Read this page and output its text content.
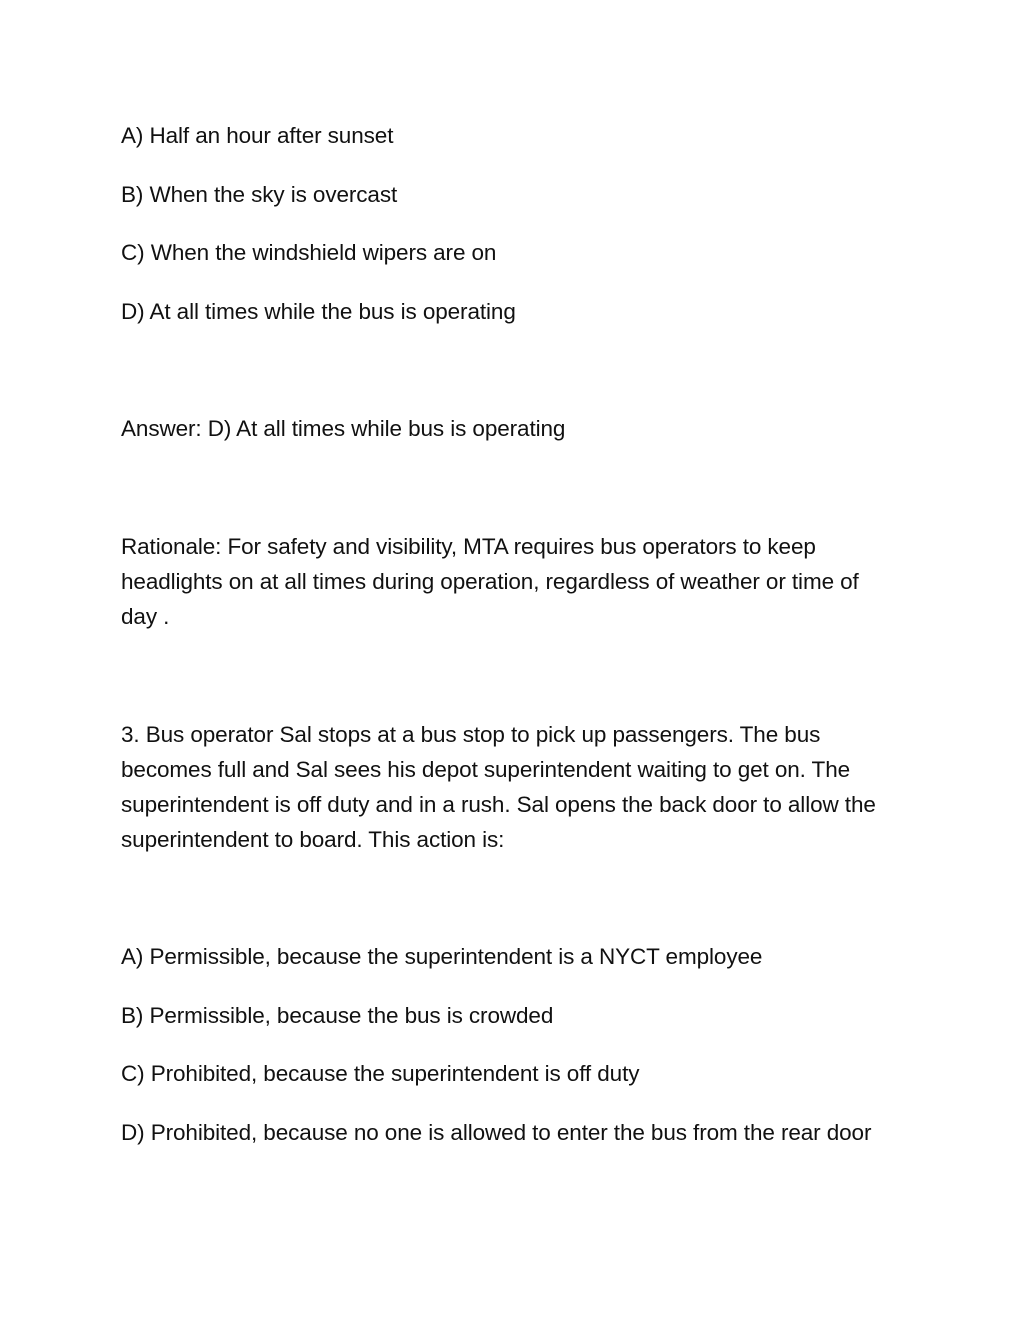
A) Half an hour after sunset
B) When the sky is overcast
C) When the windshield wipers are on
D) At all times while the bus is operating
Answer: D) At all times while bus is operating
Rationale: For safety and visibility, MTA requires bus operators to keep headlights on at all times during operation, regardless of weather or time of day .
3. Bus operator Sal stops at a bus stop to pick up passengers. The bus becomes full and Sal sees his depot superintendent waiting to get on. The superintendent is off duty and in a rush. Sal opens the back door to allow the superintendent to board. This action is:
A) Permissible, because the superintendent is a NYCT employee
B) Permissible, because the bus is crowded
C) Prohibited, because the superintendent is off duty
D) Prohibited, because no one is allowed to enter the bus from the rear door
